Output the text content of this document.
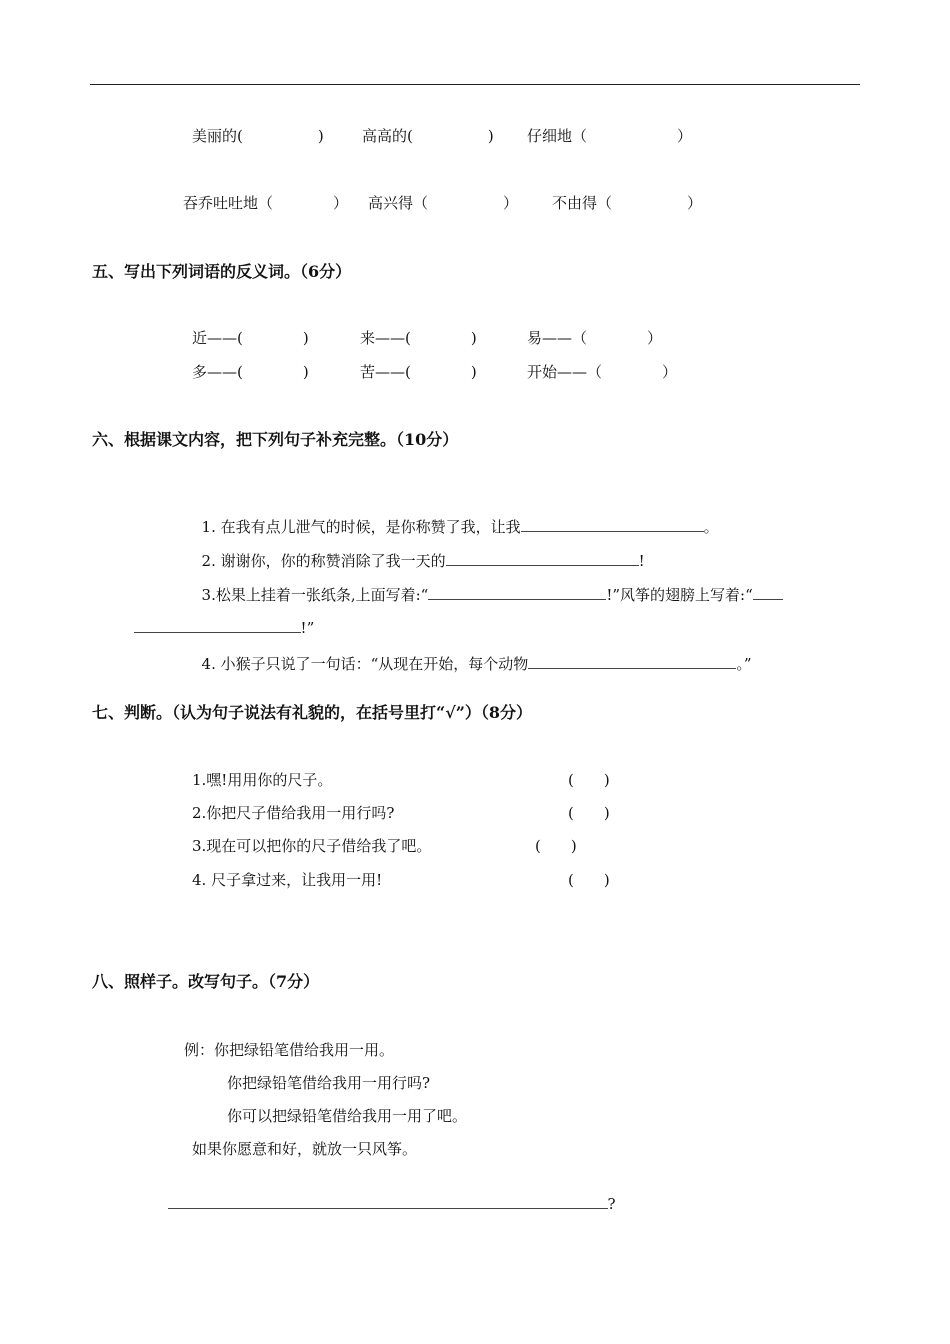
美丽的(　　　　　)	高高的(　　　　　) 仔细地（　　　　　　）
吞乔吐吐地（　　　　） 高兴得（　　　　　） 不由得（　　　　　）
五、写出下列词语的反义词。（6分）
近——(　　　　)	来——(　　　　)	易——（　　　　）
多——(　　　　)	苦——(　　　　)	开始——（　　　　）
六、根据课文内容，把下列句子补充完整。（10分）

1. 在我有点儿泄气的时候，是你称赞了我，让我	。

2. 谢谢你，你的称赞消除了我一天的	!

3.松果上挂着一张纸条,上面写着:“	!”风筝的翅膀上写着:“

!”

4. 小猴子只说了一句话：“从现在开始，每个动物	。”

七、判断。（认为句子说法有礼貌的，在括号里打“√”）（8分）
1.嘿!用用你的尺子。	(　　)
2.你把尺子借给我用一用行吗?	(　　)
3.现在可以把你的尺子借给我了吧。	(　　)
4. 尺子拿过来，让我用一用!	(　　)
八、照样子。改写句子。（7分）
例：你把绿铅笔借给我用一用。
你把绿铅笔借给我用一用行吗?
你可以把绿铅笔借给我用一用了吧。
如果你愿意和好，就放一只风筝。

?
